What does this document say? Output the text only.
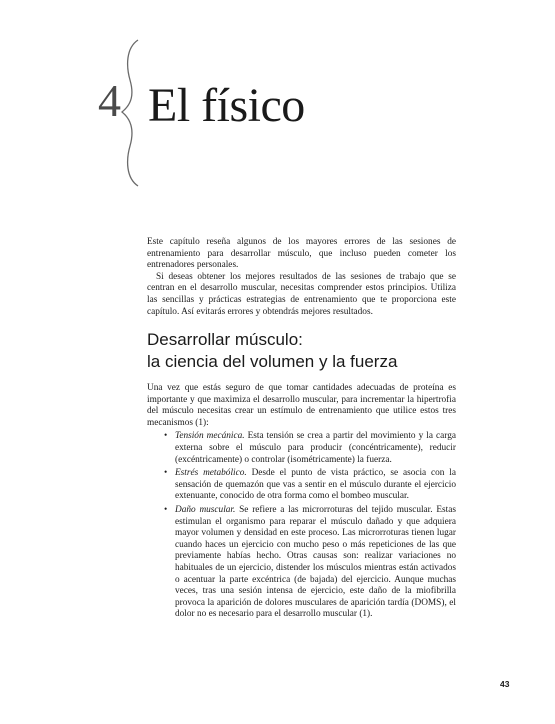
4 El físico

Este capítulo reseña algunos de los mayores errores de las sesiones de entrenamiento para desarrollar músculo, que incluso pueden cometer los entrenadores personales.

Si deseas obtener los mejores resultados de las sesiones de trabajo que se centran en el desarrollo muscular, necesitas comprender estos principios. Utiliza las sencillas y prácticas estrategias de entrenamiento que te proporciona este capítulo. Así evitarás errores y obtendrás mejores resultados.

Desarrollar músculo:
la ciencia del volumen y la fuerza

Una vez que estás seguro de que tomar cantidades adecuadas de proteína es importante y que maximiza el desarrollo muscular, para incrementar la hipertrofia del músculo necesitas crear un estímulo de entrenamiento que utilice estos tres mecanismos (1):

• Tensión mecánica. Esta tensión se crea a partir del movimiento y la carga externa sobre el músculo para producir (concéntricamente), reducir (excéntricamente) o controlar (isométricamente) la fuerza.
• Estrés metabólico. Desde el punto de vista práctico, se asocia con la sensación de quemazón que vas a sentir en el músculo durante el ejercicio extenuante, conocido de otra forma como el bombeo muscular.
• Daño muscular. Se refiere a las microrroturas del tejido muscular. Estas estimulan el organismo para reparar el músculo dañado y que adquiera mayor volumen y densidad en este proceso. Las microrroturas tienen lugar cuando haces un ejercicio con mucho peso o más repeticiones de las que previamente habías hecho. Otras causas son: realizar variaciones no habituales de un ejercicio, distender los músculos mientras están activados o acentuar la parte excéntrica (de bajada) del ejercicio. Aunque muchas veces, tras una sesión intensa de ejercicio, este daño de la miofibrilla provoca la aparición de dolores musculares de aparición tardía (DOMS), el dolor no es necesario para el desarrollo muscular (1).
43
